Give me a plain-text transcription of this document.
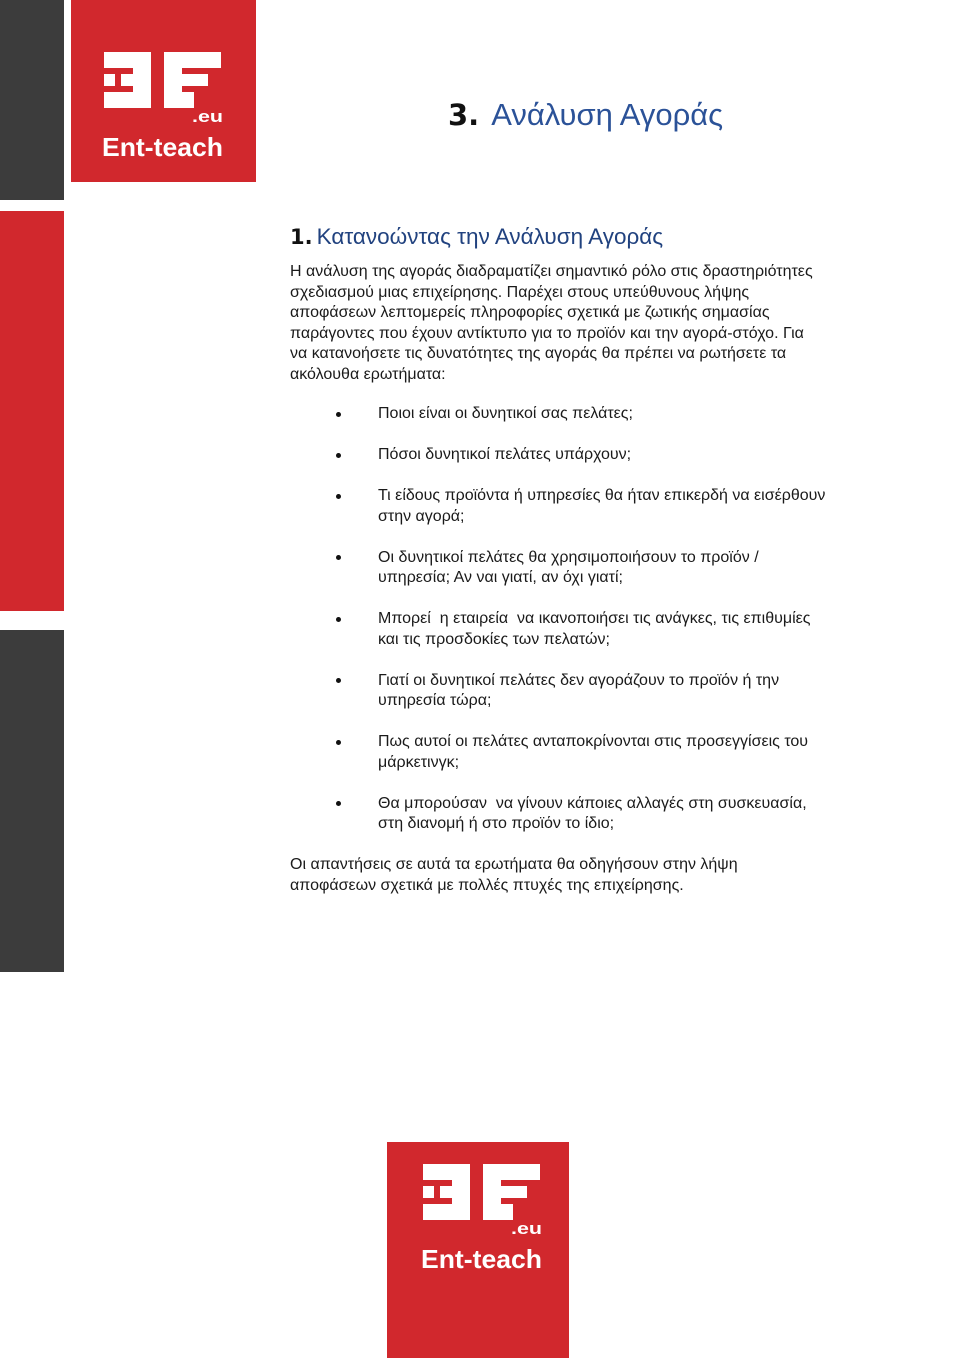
.eu
Ent-teach
3. Ανάλυση Αγοράς
1. Κατανοώντας την Ανάλυση Αγοράς
Η ανάλυση της αγοράς διαδραματίζει σημαντικό ρόλο στις δραστηριότητες
σχεδιασμού μιας επιχείρησης. Παρέχει στους υπεύθυνους λήψης
αποφάσεων λεπτομερείς πληροφορίες σχετικά με ζωτικής σημασίας
παράγοντες που έχουν αντίκτυπο για το προϊόν και την αγορά-στόχο. Για
να κατανοήσετε τις δυνατότητες της αγοράς θα πρέπει να ρωτήσετε τα
ακόλουθα ερωτήματα:
Ποιοι είναι οι δυνητικοί σας πελάτες;
Πόσοι δυνητικοί πελάτες υπάρχουν;
Τι είδους προϊόντα ή υπηρεσίες θα ήταν επικερδή να εισέρθουν
στην αγορά;
Οι δυνητικοί πελάτες θα χρησιμοποιήσουν το προϊόν /
υπηρεσία; Αν ναι γιατί, αν όχι γιατί;
Μπορεί  η εταιρεία  να ικανοποιήσει τις ανάγκες, τις επιθυμίες
και τις προσδοκίες των πελατών;
Γιατί οι δυνητικοί πελάτες δεν αγοράζουν το προϊόν ή την
υπηρεσία τώρα;
Πως αυτοί οι πελάτες ανταποκρίνονται στις προσεγγίσεις του
μάρκετινγκ;
Θα μπορούσαν  να γίνουν κάποιες αλλαγές στη συσκευασία,
στη διανομή ή στο προϊόν το ίδιο;
Οι απαντήσεις σε αυτά τα ερωτήματα θα οδηγήσουν στην λήψη
αποφάσεων σχετικά με πολλές πτυχές της επιχείρησης.
.eu
Ent-teach
